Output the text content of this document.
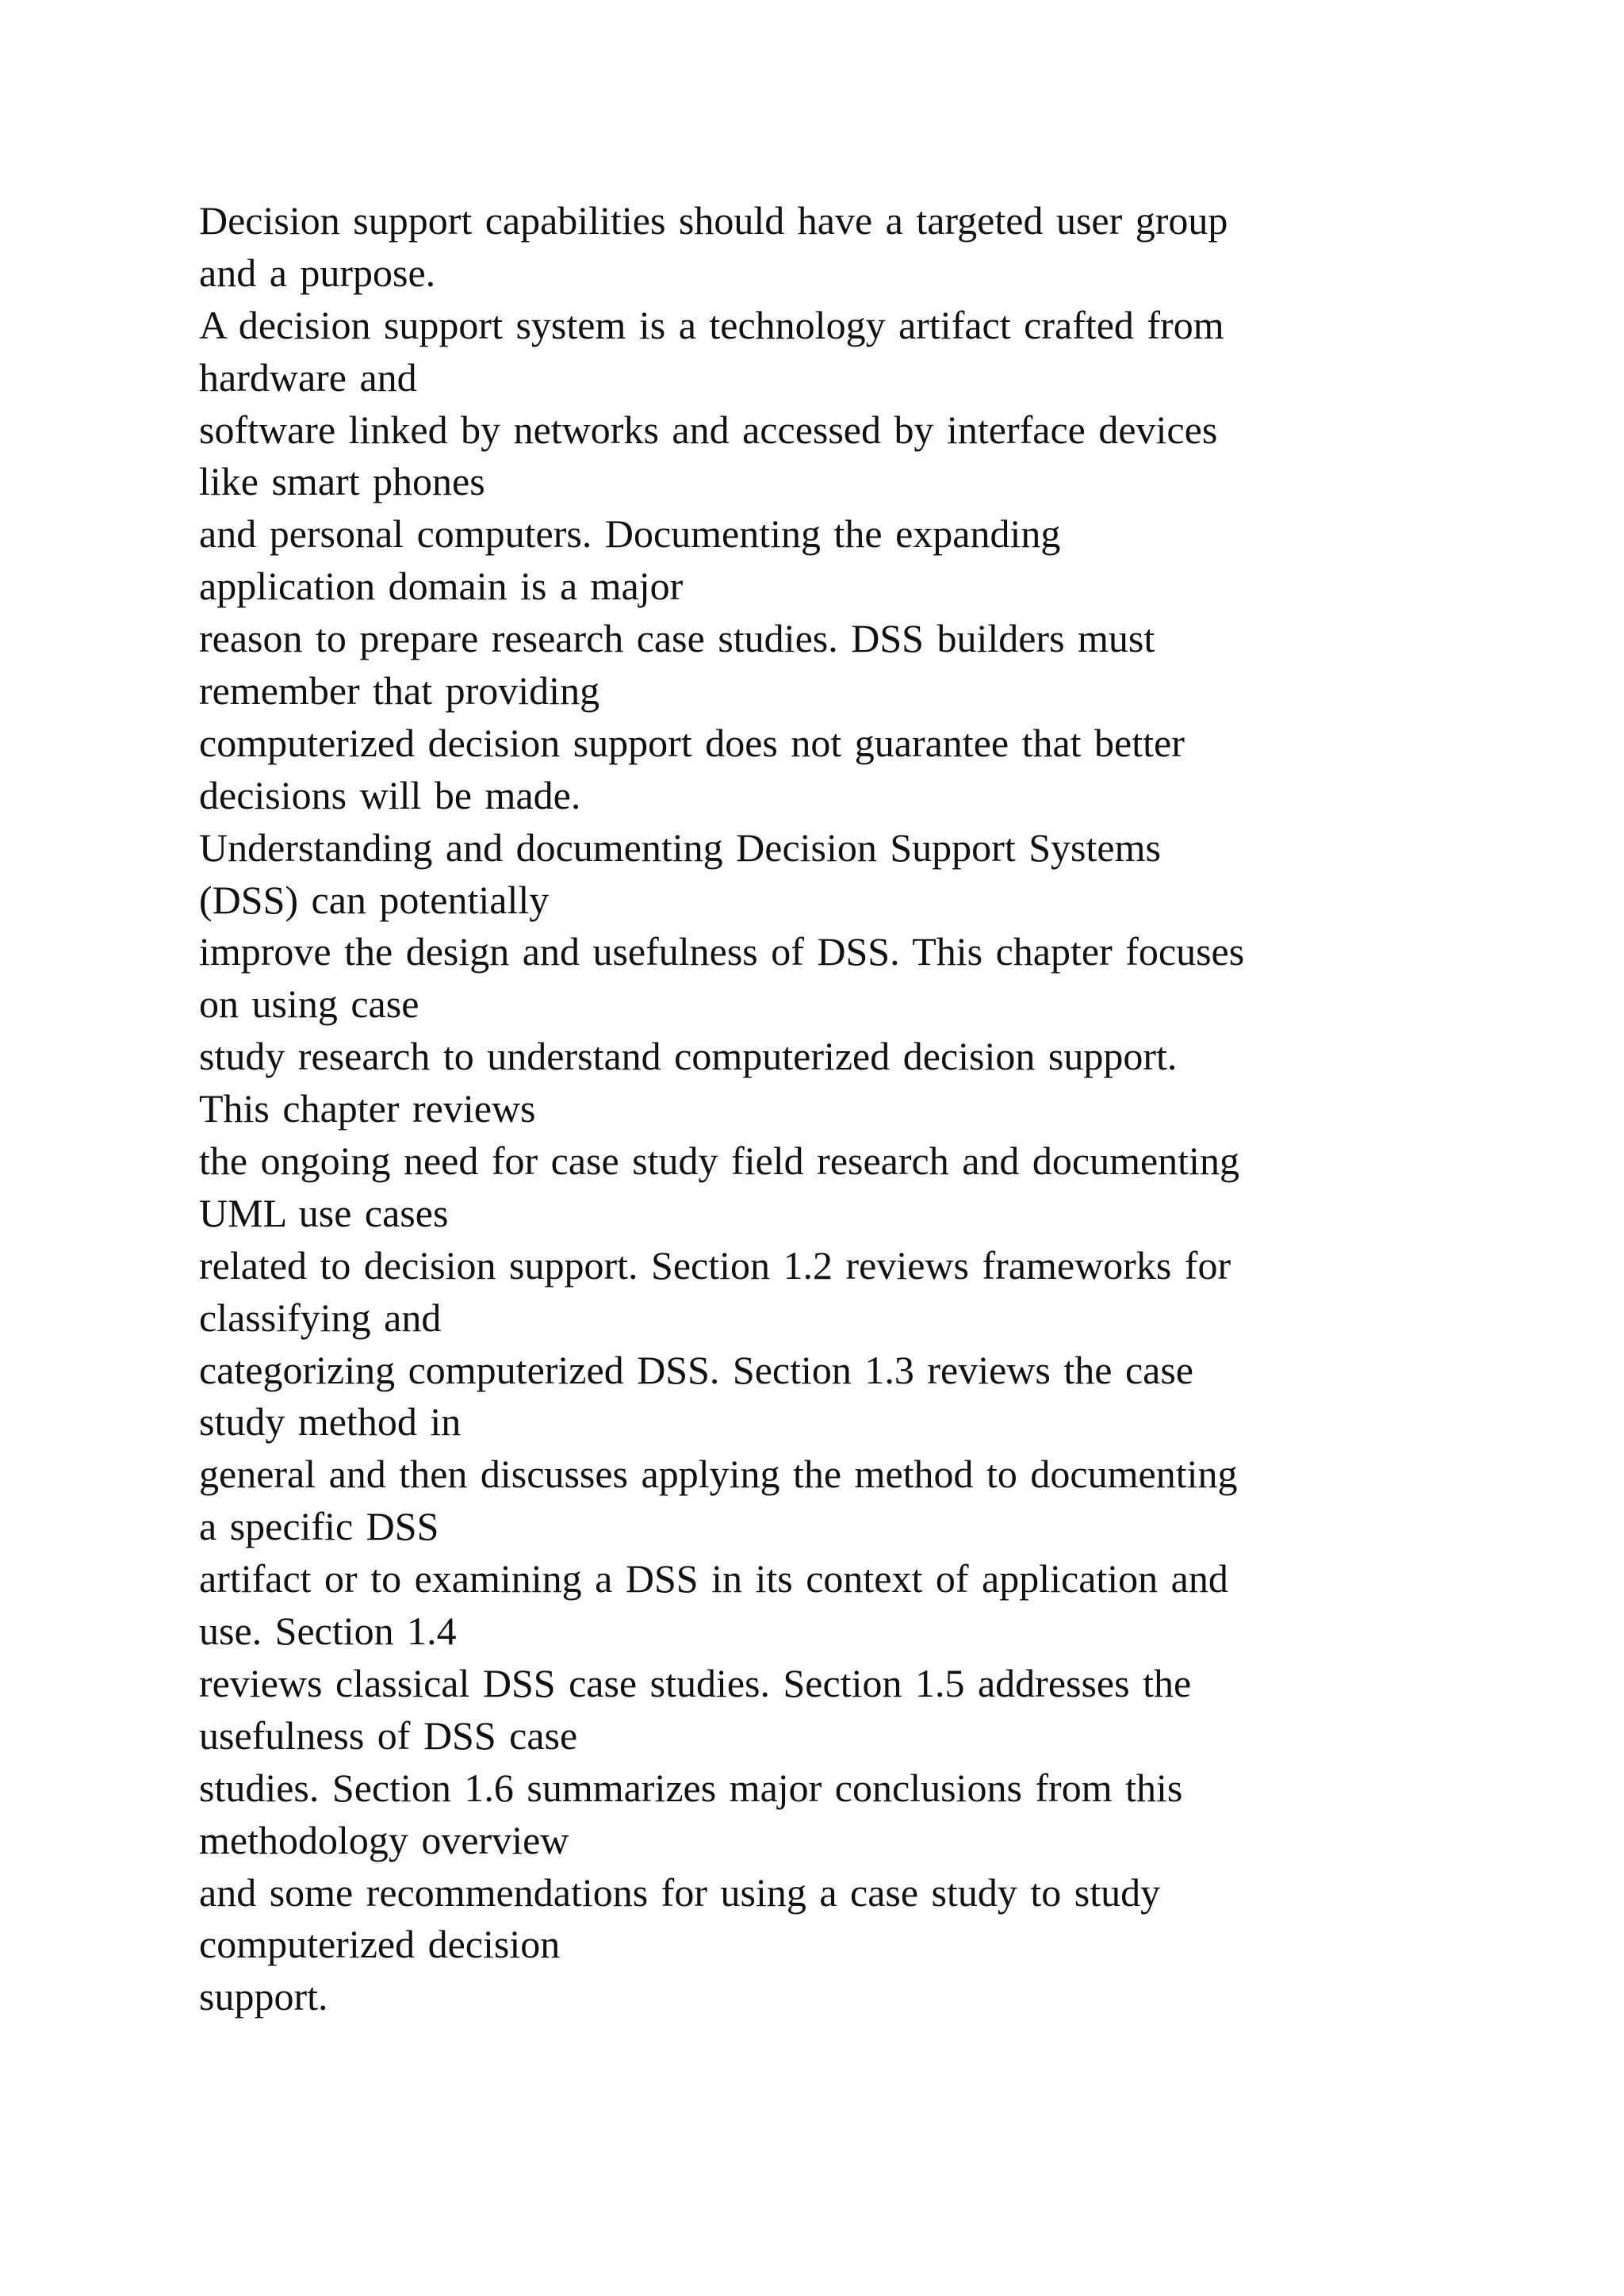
Decision support capabilities should have a targeted user group
and a purpose.
A decision support system is a technology artifact crafted from
hardware and
software linked by networks and accessed by interface devices
like smart phones
and personal computers. Documenting the expanding
application domain is a major
reason to prepare research case studies. DSS builders must
remember that providing
computerized decision support does not guarantee that better
decisions will be made.
Understanding and documenting Decision Support Systems
(DSS) can potentially
improve the design and usefulness of DSS. This chapter focuses
on using case
study research to understand computerized decision support.
This chapter reviews
the ongoing need for case study field research and documenting
UML use cases
related to decision support. Section 1.2 reviews frameworks for
classifying and
categorizing computerized DSS. Section 1.3 reviews the case
study method in
general and then discusses applying the method to documenting
a specific DSS
artifact or to examining a DSS in its context of application and
use. Section 1.4
reviews classical DSS case studies. Section 1.5 addresses the
usefulness of DSS case
studies. Section 1.6 summarizes major conclusions from this
methodology overview
and some recommendations for using a case study to study
computerized decision
support.
